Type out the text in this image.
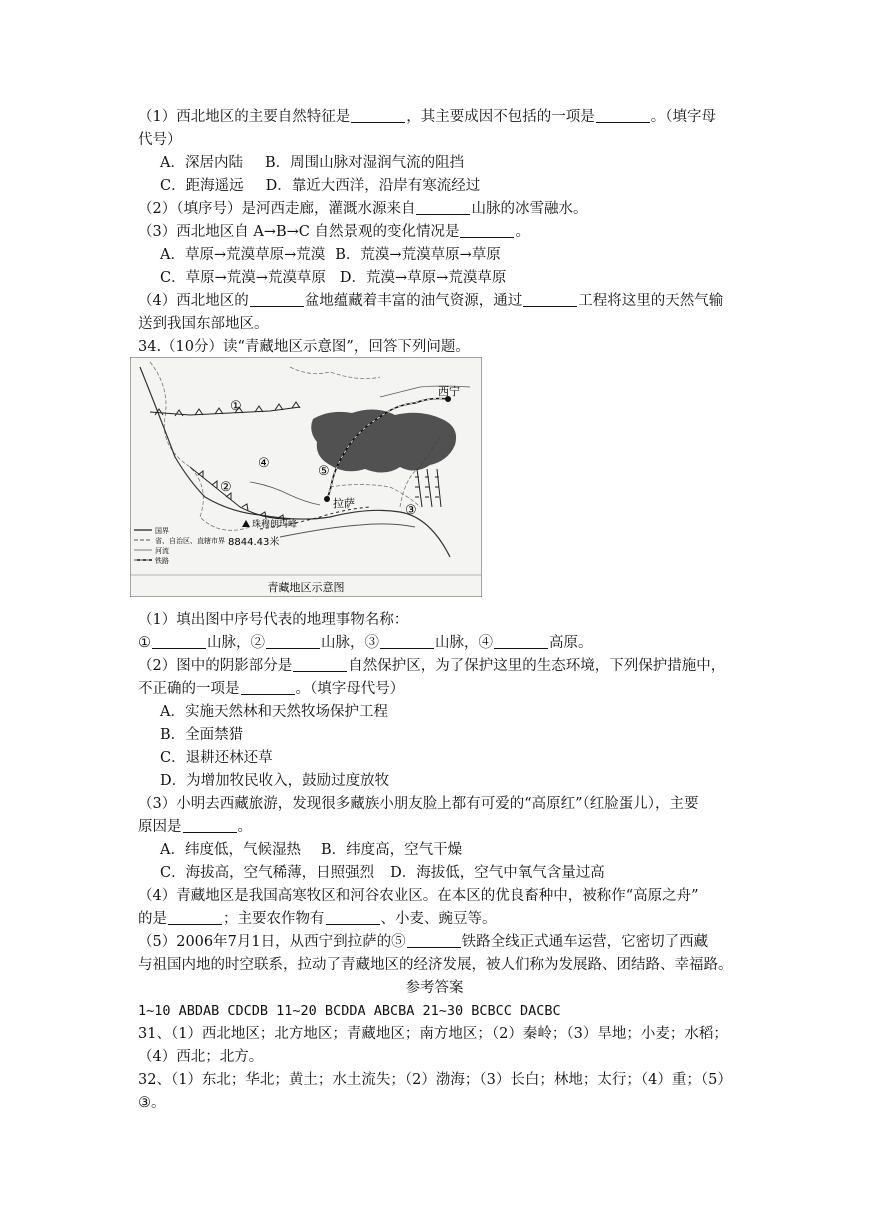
（1）西北地区的主要自然特征是	，其主要成因不包括的一项是	。（填字母
代号）
A．深居内陆 B．周围山脉对湿润气流的阻挡
C．距海遥远 D．靠近大西洋，沿岸有寒流经过
（2）（填序号）是河西走廊，灌溉水源来自	山脉的冰雪融水。
（3）西北地区自 A→B→C 自然景观的变化情况是	。
A．草原→荒漠草原→荒漠 B．荒漠→荒漠草原→草原
C．草原→荒漠→荒漠草原 D．荒漠→草原→荒漠草原
（4）西北地区的	盆地蕴藏着丰富的油气资源，通过	工程将这里的天然气输
送到我国东部地区。
34.（10分）读“青藏地区示意图”，回答下列问题。
西宁
拉萨
①
②
③
④
⑤
珠穆朗玛峰
8844.43米
国界
省、自治区、直辖市界
河流
铁路
青藏地区示意图
（1）填出图中序号代表的地理事物名称：
①	山脉，②	山脉，③	山脉，④	高原。
（2）图中的阴影部分是	自然保护区，为了保护这里的生态环境，下列保护措施中，
不正确的一项是	。（填字母代号）
A．实施天然林和天然牧场保护工程
B．全面禁猎
C．退耕还林还草
D．为增加牧民收入，鼓励过度放牧
（3）小明去西藏旅游，发现很多藏族小朋友脸上都有可爱的“高原红”（红脸蛋儿），主要
原因是	。
A．纬度低，气候湿热 B．纬度高，空气干燥
C．海拔高，空气稀薄，日照强烈 D．海拔低，空气中氧气含量过高
（4）青藏地区是我国高寒牧区和河谷农业区。在本区的优良畜种中，被称作“高原之舟”
的是	；主要农作物有	、小麦、豌豆等。
（5）2006年7月1日，从西宁到拉萨的⑤	铁路全线正式通车运营，它密切了西藏
与祖国内地的时空联系，拉动了青藏地区的经济发展，被人们称为发展路、团结路、幸福路。
参考答案
1~10 ABDAB CDCDB 11~20 BCDDA ABCBA 21~30 BCBCC DACBC
31、（1）西北地区；北方地区；青藏地区；南方地区；（2）秦岭；（3）旱地；小麦；水稻；
（4）西北；北方。
32、（1）东北；华北；黄土；水土流失；（2）渤海；（3）长白；林地；太行；（4）重；（5）
③。
